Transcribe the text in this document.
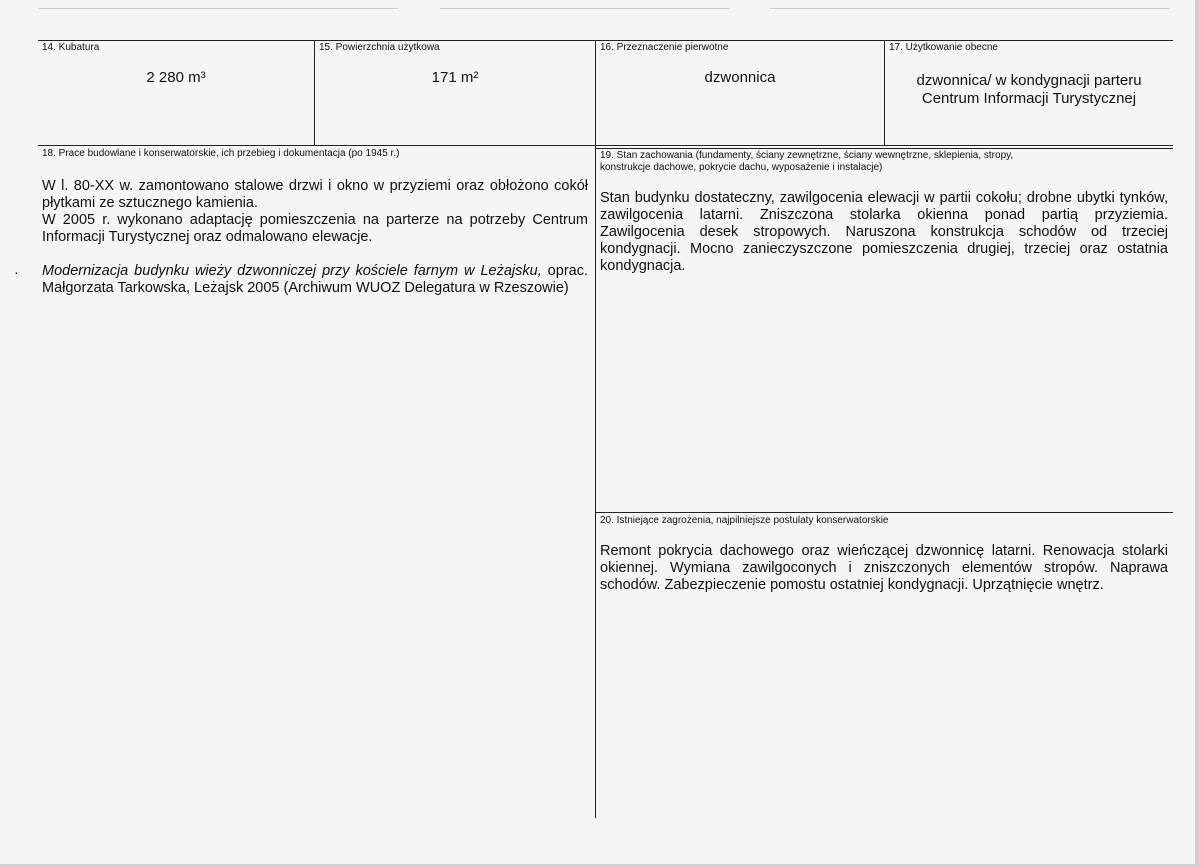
14. Kubatura
2 280 m³
15. Powierzchnia użytkowa
171 m²
16. Przeznaczenie pierwotne
dzwonnica
17. Użytkowanie obecne
dzwonnica/ w kondygnacji parteru
Centrum Informacji Turystycznej
18. Prace budowlane i konserwatorskie, ich przebieg i dokumentacja (po 1945 r.)

W l. 80-XX w. zamontowano stalowe drzwi i okno w przyziemi oraz obłożono cokół płytkami ze sztucznego kamienia.

W 2005 r. wykonano adaptację pomieszczenia na parterze na potrzeby Centrum Informacji Turystycznej oraz odmalowano elewacje.

Modernizacja budynku wieży dzwonniczej przy kościele farnym w Leżajsku, oprac. Małgorzata Tarkowska, Leżajsk 2005 (Archiwum WUOZ Delegatura w Rzeszowie)

·
19. Stan zachowania (fundamenty, ściany zewnętrzne, ściany wewnętrzne, sklepienia, stropy,
konstrukcje dachowe, pokrycie dachu, wyposażenie i instalacje)
Stan budynku dostateczny, zawilgocenia elewacji w partii cokołu; drobne ubytki tynków, zawilgocenia latarni. Zniszczona stolarka okienna ponad partią przyziemia. Zawilgocenia desek stropowych. Naruszona konstrukcja schodów od trzeciej kondygnacji. Mocno zanieczyszczone pomieszczenia drugiej, trzeciej oraz ostatnia kondygnacja.
20. Istniejące zagrożenia, najpilniejsze postulaty konserwatorskie
Remont pokrycia dachowego oraz wieńczącej dzwonnicę latarni. Renowacja stolarki okiennej. Wymiana zawilgoconych i zniszczonych elementów stropów. Naprawa schodów. Zabezpieczenie pomostu ostatniej kondygnacji. Uprzątnięcie wnętrz.
